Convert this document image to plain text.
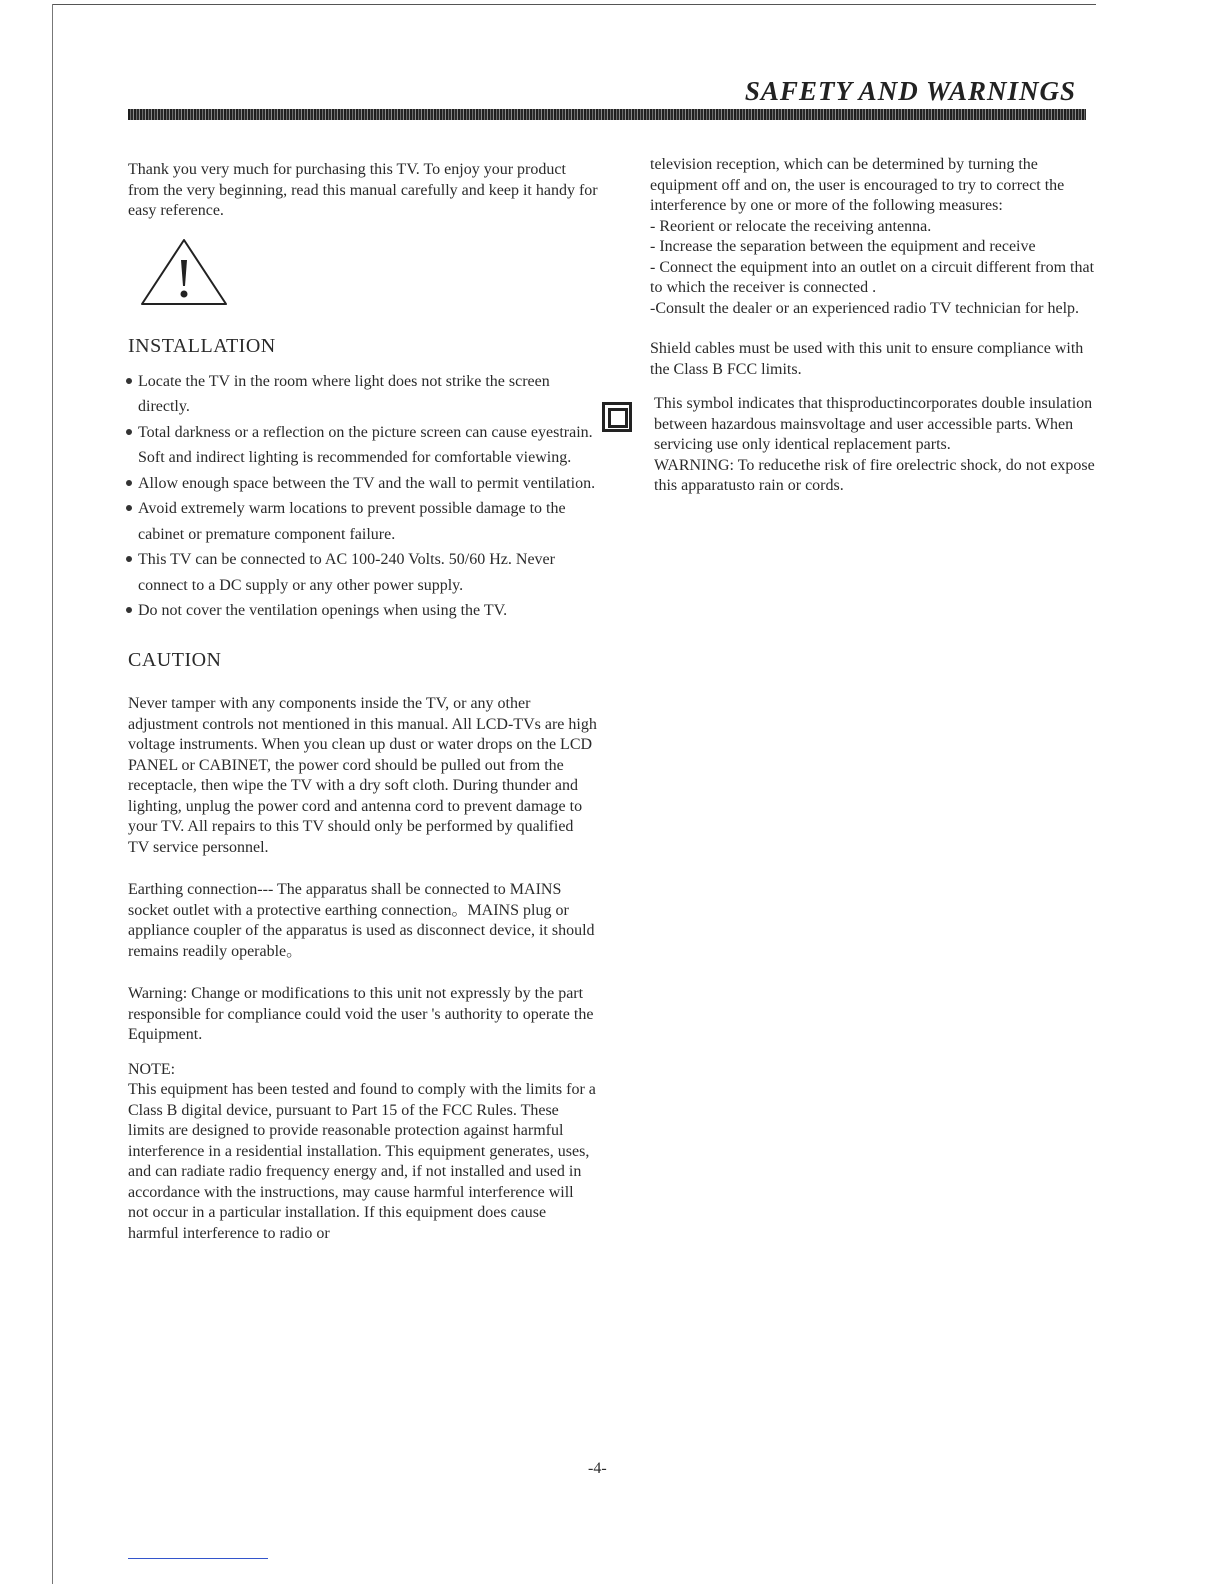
SAFETY AND WARNINGS

Thank you very much for purchasing this TV. To enjoy your product from the very beginning, read this manual carefully and keep it handy for easy reference.

INSTALLATION
Locate the TV in the room where light does not strike the screen directly.
Total darkness or a reflection on the picture screen can cause eyestrain. Soft and indirect lighting is recommended for comfortable viewing.
Allow enough space between the TV and the wall to permit ventilation.
Avoid extremely warm locations to prevent possible damage to the cabinet or premature component failure.
This TV can be connected to AC 100-240 Volts. 50/60 Hz. Never connect to a DC supply or any other power supply.
Do not cover the ventilation openings when using the TV.
CAUTION

Never tamper with any components inside the TV, or any other adjustment controls not mentioned in this manual. All LCD-TVs are high voltage instruments. When you clean up dust or water drops on the LCD PANEL or CABINET, the power cord should be pulled out from the receptacle, then wipe the TV with a dry soft cloth. During thunder and lighting, unplug the power cord and antenna cord to prevent damage to your TV. All repairs to this TV should only be performed by qualified TV service personnel.

Earthing connection--- The apparatus shall be connected to MAINS socket outlet with a protective earthing connection。MAINS plug or appliance coupler of the apparatus is used as disconnect device, it should remains readily operable。

Warning: Change or modifications to this unit not expressly by the part responsible for compliance could void the user 's authority to operate the Equipment.

NOTE:

This equipment has been tested and found to comply with the limits for a Class B digital device, pursuant to Part 15 of the FCC Rules. These limits are designed to provide reasonable protection against harmful interference in a residential installation. This equipment generates, uses, and can radiate radio frequency energy and, if not installed and used in accordance with the instructions, may cause harmful interference will not occur in a particular installation. If this equipment does cause harmful interference to radio or

television reception, which can be determined by turning the equipment off and on, the user is encouraged to try to correct the interference by one or more of the following measures:

- Reorient or relocate the receiving antenna.

- Increase the separation between the equipment and receive

- Connect the equipment into an outlet on a circuit different from that to which the receiver is connected .

-Consult the dealer or an experienced radio TV technician for help.

Shield cables must be used with this unit to ensure compliance with the Class B FCC limits.

This symbol indicates that thisproductincorporates double insulation between hazardous mainsvoltage and user accessible parts. When servicing use only identical replacement parts.

WARNING: To reducethe risk of fire orelectric shock, do not expose this apparatusto rain or cords.

-4-
